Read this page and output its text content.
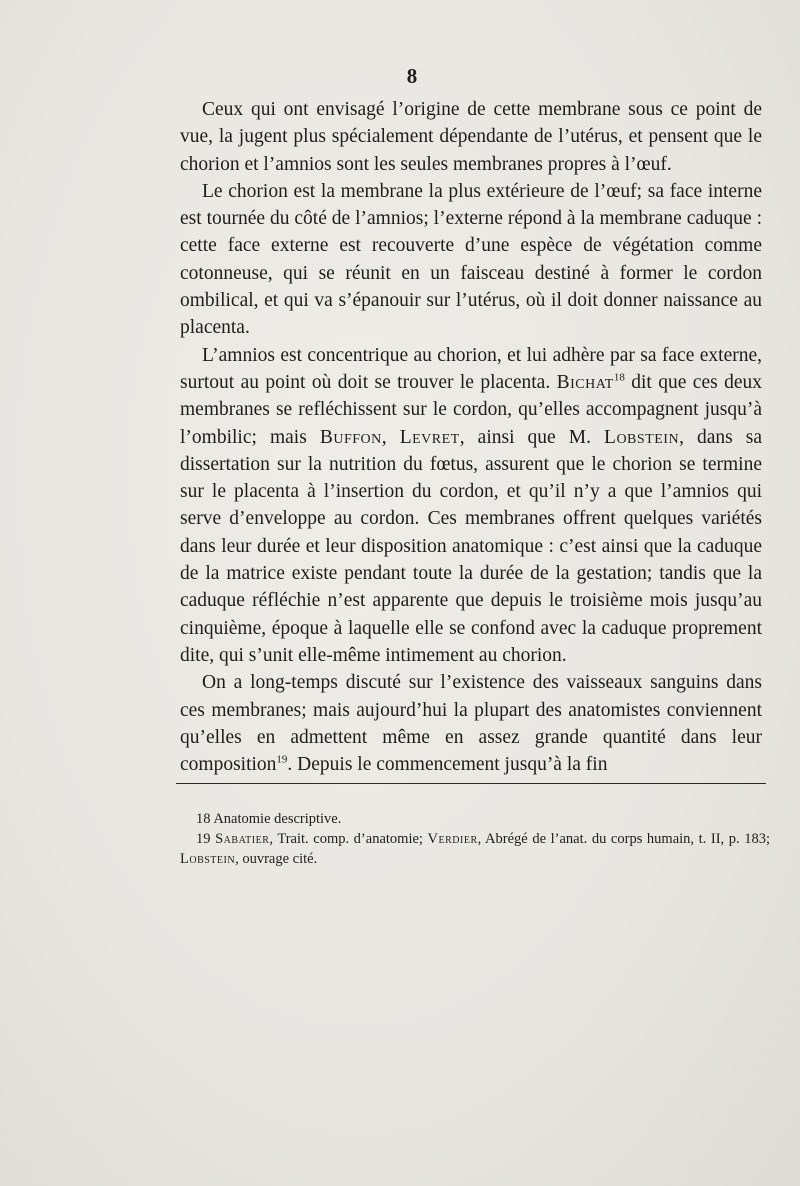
8

Ceux qui ont envisagé l’origine de cette membrane sous ce point de vue, la jugent plus spécialement dépendante de l’utérus, et pensent que le chorion et l’amnios sont les seules membranes propres à l’œuf.

Le chorion est la membrane la plus extérieure de l’œuf; sa face interne est tournée du côté de l’amnios; l’externe répond à la membrane caduque : cette face externe est recouverte d’une espèce de végétation comme cotonneuse, qui se réunit en un faisceau destiné à former le cordon ombilical, et qui va s’épanouir sur l’utérus, où il doit donner naissance au placenta.

L’amnios est concentrique au chorion, et lui adhère par sa face externe, surtout au point où doit se trouver le placenta. Bichat$^{18}$ dit que ces deux membranes se refléchissent sur le cordon, qu’elles accompagnent jusqu’à l’ombilic; mais Buffon, Levret, ainsi que M. Lobstein, dans sa dissertation sur la nutrition du fœtus, assurent que le chorion se termine sur le placenta à l’insertion du cordon, et qu’il n’y a que l’amnios qui serve d’enveloppe au cordon. Ces membranes offrent quelques variétés dans leur durée et leur disposition anatomique : c’est ainsi que la caduque de la matrice existe pendant toute la durée de la gestation; tandis que la caduque réfléchie n’est apparente que depuis le troisième mois jusqu’au cinquième, époque à laquelle elle se confond avec la caduque proprement dite, qui s’unit elle-même intimement au chorion.

On a long-temps discuté sur l’existence des vaisseaux sanguins dans ces membranes; mais aujourd’hui la plupart des anatomistes conviennent qu’elles en admettent même en assez grande quantité dans leur composition$^{19}$. Depuis le commencement jusqu’à la fin

18 Anatomie descriptive.

19 Sabatier, Trait. comp. d’anatomie; Verdier, Abrégé de l’anat. du corps humain, t. II, p. 183; Lobstein, ouvrage cité.
